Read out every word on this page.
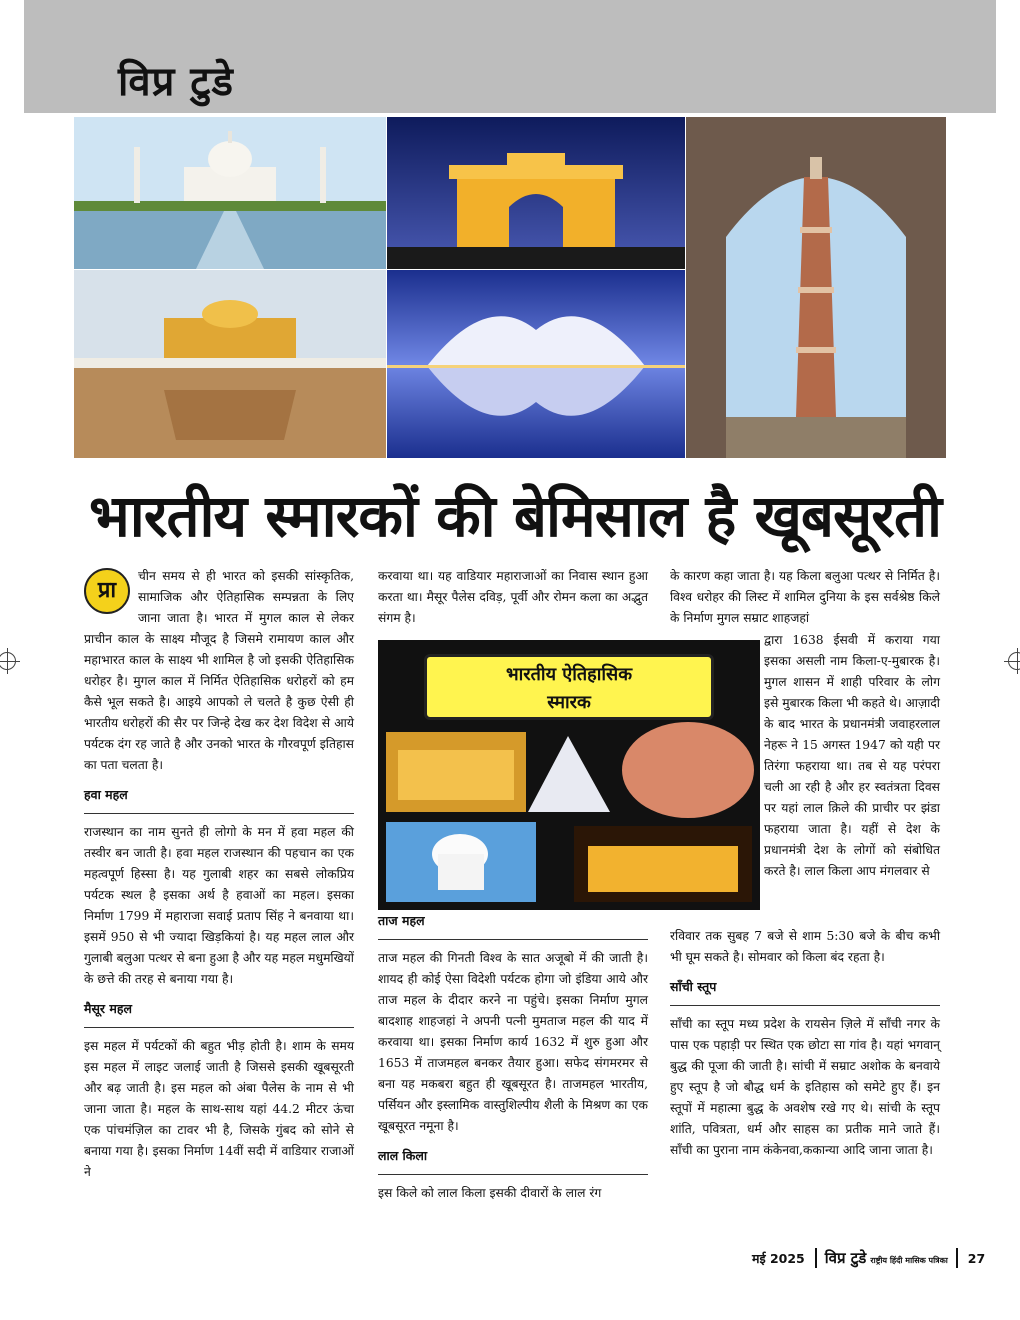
विप्र टुडे
भारतीय स्मारकों की बेमिसाल है खूबसूरती
प्रा

चीन समय से ही भारत को इसकी सांस्कृतिक, सामाजिक और ऐतिहासिक सम्पन्नता के लिए जाना जाता है। भारत में मुगल काल से लेकर प्राचीन काल के साक्ष्य मौजूद है जिसमे रामायण काल और महाभारत काल के साक्ष्य भी शामिल है जो इसकी ऐतिहासिक धरोहर है। मुगल काल में निर्मित ऐतिहासिक धरोहरों को हम कैसे भूल सकते है। आइये आपको ले चलते है कुछ ऐसी ही भारतीय धरोहरों की सैर पर जिन्हे देख कर देश विदेश से आये पर्यटक दंग रह जाते है और उनको भारत के गौरवपूर्ण इतिहास का पता चलता है।

हवा महल

राजस्थान का नाम सुनते ही लोगो के मन में हवा महल की तस्वीर बन जाती है। हवा महल राजस्थान की पहचान का एक महत्वपूर्ण हिस्सा है। यह गुलाबी शहर का सबसे लोकप्रिय पर्यटक स्थल है इसका अर्थ है हवाओं का महल। इसका निर्माण 1799 में महाराजा सवाई प्रताप सिंह ने बनवाया था। इसमें 950 से भी ज्यादा खिड़कियां है। यह महल लाल और गुलाबी बलुआ पत्थर से बना हुआ है और यह महल मधुमखियों के छत्ते की तरह से बनाया गया है।

मैसूर महल

इस महल में पर्यटकों की बहुत भीड़ होती है। शाम के समय इस महल में लाइट जलाई जाती है जिससे इसकी खूबसूरती और बढ़ जाती है। इस महल को अंबा पैलेस के नाम से भी जाना जाता है। महल के साथ-साथ यहां 44.2 मीटर ऊंचा एक पांचमंज़िल का टावर भी है, जिसके गुंबद को सोने से बनाया गया है। इसका निर्माण 14वीं सदी में वाडियार राजाओं ने

करवाया था। यह वाडियार महाराजाओं का निवास स्थान हुआ करता था। मैसूर पैलेस दविड़, पूर्वी और रोमन कला का अद्भुत संगम है।

भारतीय ऐतिहासिक
स्मारक
ताज महल

ताज महल की गिनती विश्व के सात अजूबो में की जाती है। शायद ही कोई ऐसा विदेशी पर्यटक होगा जो इंडिया आये और ताज महल के दीदार करने ना पहुंचे। इसका निर्माण मुगल बादशाह शाहजहां ने अपनी पत्नी मुमताज महल की याद में करवाया था। इसका निर्माण कार्य 1632 में शुरु हुआ और 1653 में ताजमहल बनकर तैयार हुआ। सफेद संगमरमर से बना यह मकबरा बहुत ही खूबसूरत है। ताजमहल भारतीय, पर्सियन और इस्लामिक वास्तुशिल्पीय शैली के मिश्रण का एक खूबसूरत नमूना है।

लाल किला

इस किले को लाल किला इसकी दीवारों के लाल रंग

के कारण कहा जाता है। यह किला बलुआ पत्थर से निर्मित है। विश्व धरोहर की लिस्ट में शामिल दुनिया के इस सर्वश्रेष्ठ किले के निर्माण मुगल सम्राट शाहजहां

द्वारा 1638 ईसवी में कराया गया इसका असली नाम किला-ए-मुबारक है। मुगल शासन में शाही परिवार के लोग इसे मुबारक किला भी कहते थे। आज़ादी के बाद भारत के प्रधानमंत्री जवाहरलाल नेहरू ने 15 अगस्त 1947 को यही पर तिरंगा फहराया था। तब से यह परंपरा चली आ रही है और हर स्वतंत्रता दिवस पर यहां लाल क़िले की प्राचीर पर झंडा फहराया जाता है। यहीं से देश के प्रधानमंत्री देश के लोगों को संबोधित करते है। लाल किला आप मंगलवार से

रविवार तक सुबह 7 बजे से शाम 5:30 बजे के बीच कभी भी घूम सकते है। सोमवार को किला बंद रहता है।

साँची स्तूप

साँची का स्तूप मध्य प्रदेश के रायसेन ज़िले में साँची नगर के पास एक पहाड़ी पर स्थित एक छोटा सा गांव है। यहां भगवान् बुद्ध की पूजा की जाती है। सांची में सम्राट अशोक के बनवाये हुए स्तूप है जो बौद्ध धर्म के इतिहास को समेटे हुए हैं। इन स्तूपों में महात्मा बुद्ध के अवशेष रखे गए थे। सांची के स्तूप शांति, पवित्रता, धर्म और साहस का प्रतीक माने जाते हैं। साँची का पुराना नाम कंकेनवा,ककान्या आदि जाना जाता है।

मई 2025 विप्र टुडे राष्ट्रीय हिंदी मासिक पत्रिका 27
